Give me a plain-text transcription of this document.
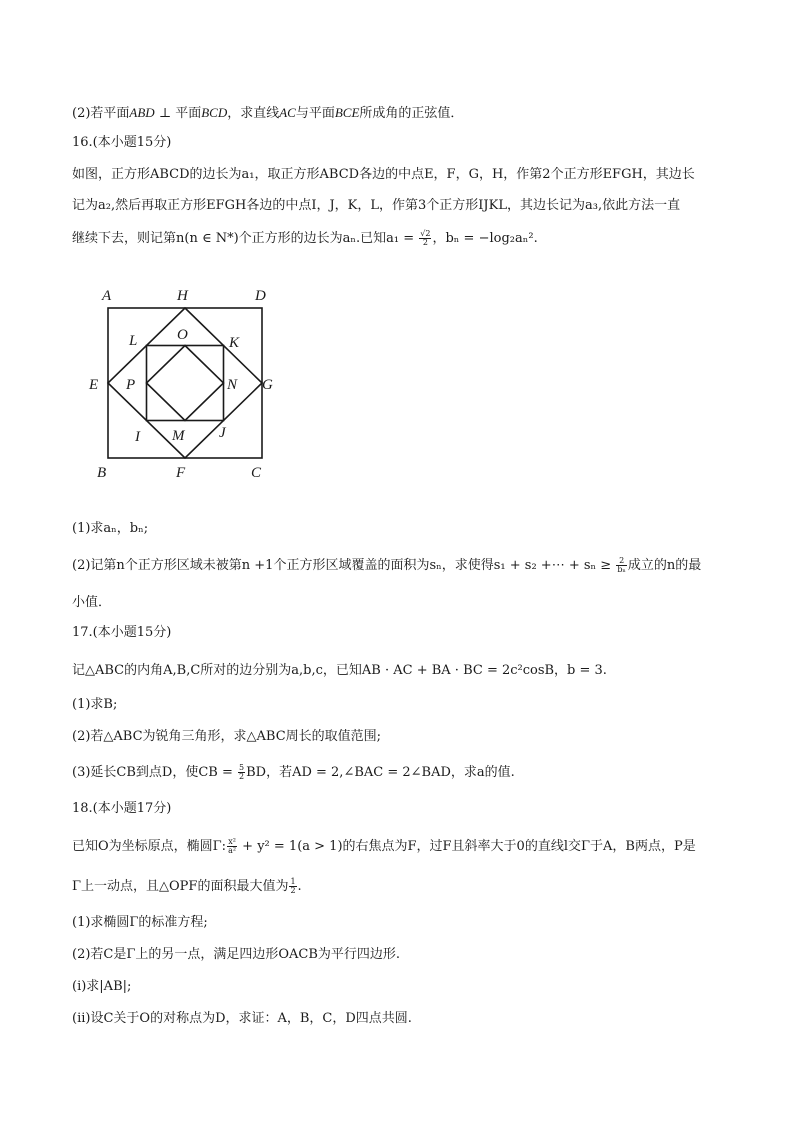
(2)若平面ABD ⊥ 平面BCD，求直线AC与平面BCE所成角的正弦值．
16.(本小题15分)
如图，正方形ABCD的边长为a₁，取正方形ABCD各边的中点E，F，G，H，作第2个正方形EFGH，其边长
记为a₂,然后再取正方形EFGH各边的中点I，J，K，L，作第3个正方形IJKL，其边长记为a₃,依此方法一直
继续下去，则记第n(n ∈ N*)个正方形的边长为aₙ.已知$a_1 = \frac{√2}{2}$ ，bₙ = −log₂aₙ².
A	H	D
O
L	K
E P	N G
I M J
B	F	C
(1)求aₙ，bₙ;
(2)记第n个正方形区域未被第n +1个正方形区域覆盖的面积为sₙ，求使得s₁ + s₂ +⋯ + $s_n \ge \frac{2}{\text{bₙ}}$ 成立的n的最
小值．
17.(本小题15分)
记△ABC的内角A,B,C所对的边分别为a,b,c，已知AB · AC + BA · BC = 2c²cosB，b = 3.
(1)求B;
(2)若△ABC为锐角三角形，求△ABC周长的取值范围;
(3)延长CB到点D，使CB = $\frac{5}{2}$ BD，若AD = 2,∠BAC = 2∠BAD，求a的值.
18.(本小题17分)
已知O为坐标原点，椭圆Γ: $\frac{\text{x²}}{\text{a²}} + y^2 = 1(a > 1)$的右焦点为F，过F且斜率大于0的直线l交Γ于A，B两点，P是
Γ上一动点，且△OPF的面积最大值为 $\frac{1}{2}$ .
(1)求椭圆Γ的标准方程;
(2)若C是Γ上的另一点，满足四边形OACB为平行四边形.
(i)求|AB|;
(ii)设C关于O的对称点为D，求证：A，B，C，D四点共圆.
